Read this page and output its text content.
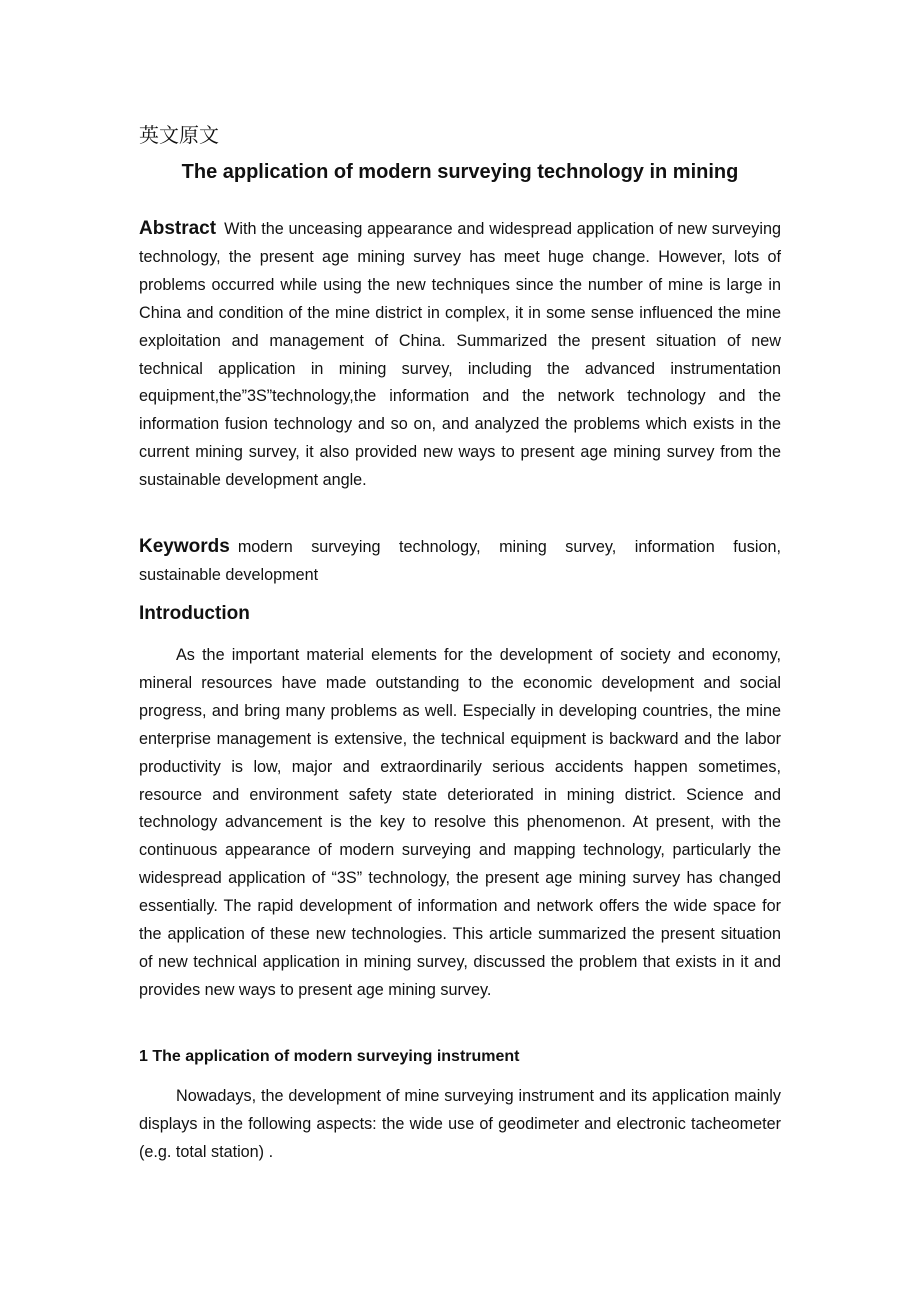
英文原文
The application of modern surveying technology in mining

Abstract With the unceasing appearance and widespread application of new surveying technology, the present age mining survey has meet huge change. However, lots of problems occurred while using the new techniques since the number of mine is large in China and condition of the mine district in complex, it in some sense influenced the mine exploitation and management of China. Summarized the present situation of new technical application in mining survey, including the advanced instrumentation equipment,the”3S”technology,the information and the network technology and the information fusion technology and so on, and analyzed the problems which exists in the current mining survey, it also provided new ways to present age mining survey from the sustainable development angle.

Keywords modern surveying technology, mining survey, information fusion, sustainable development

Introduction

As the important material elements for the development of society and economy, mineral resources have made outstanding to the economic development and social progress, and bring many problems as well. Especially in developing countries, the mine enterprise management is extensive, the technical equipment is backward and the labor productivity is low, major and extraordinarily serious accidents happen sometimes, resource and environment safety state deteriorated in mining district. Science and technology advancement is the key to resolve this phenomenon. At present, with the continuous appearance of modern surveying and mapping technology, particularly the widespread application of “3S” technology, the present age mining survey has changed essentially. The rapid development of information and network offers the wide space for the application of these new technologies. This article summarized the present situation of new technical application in mining survey, discussed the problem that exists in it and provides new ways to present age mining survey.

1 The application of modern surveying instrument

Nowadays, the development of mine surveying instrument and its application mainly displays in the following aspects: the wide use of geodimeter and electronic tacheometer (e.g. total station) .
